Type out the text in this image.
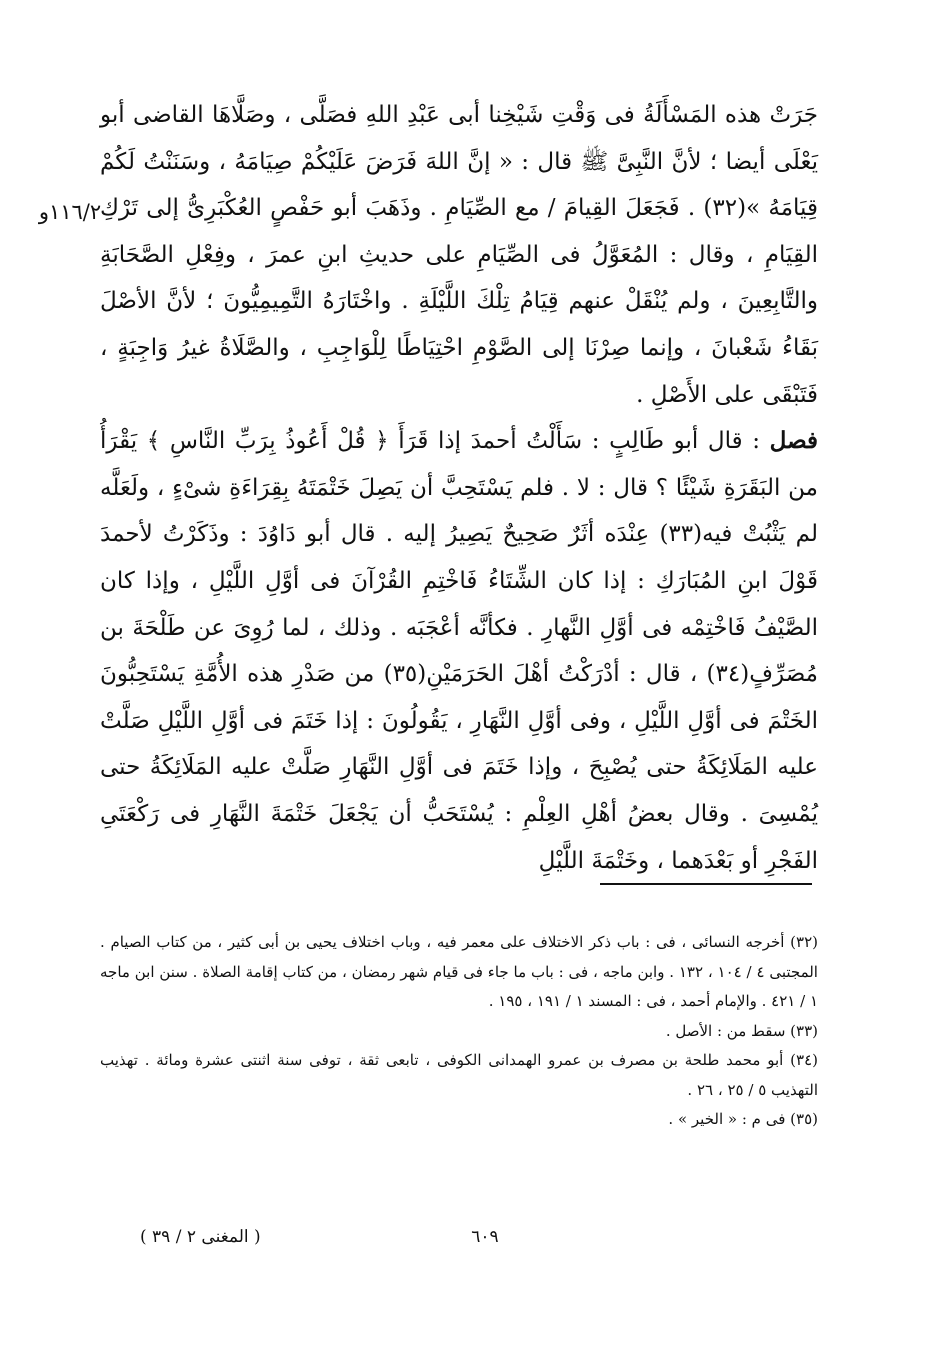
١١٦/٢و

جَرَتْ هذه المَسْأَلَةُ فى وَقْتِ شَيْخِنا أبى عَبْدِ اللهِ فصَلَّى ، وصَلَّاهَا القاضى أبو يَعْلَى أيضا ؛ لأنَّ النَّبِىَّ ﷺ قال : « إنَّ اللهَ فَرَضَ عَلَيْكُمْ صِيَامَهُ ، وسَنَنْتُ لَكُمْ قِيَامَهُ »(٣٢) . فَجَعَلَ القِيامَ / مع الصِّيَامِ . وذَهَبَ أبو حَفْصٍ العُكْبَرِىُّ إلى تَرْكِ القِيَامِ ، وقال : المُعَوَّلُ فى الصِّيَامِ على حديثِ ابنِ عمرَ ، وفِعْلِ الصَّحَابَةِ والتَّابِعِينَ ، ولم يُنْقَلْ عنهم قِيَامُ تِلْكَ اللَّيْلَةِ . واخْتَارَهُ التَّمِيمِيُّونَ ؛ لأنَّ الأصْلَ بَقَاءُ شَعْبانَ ، وإنما صِرْنَا إلى الصَّوْمِ احْتِيَاطًا لِلْوَاجِبِ ، والصَّلَاةُ غيرُ وَاجِبَةٍ ، فَتَبْقَى على الأَصْلِ .

فصل : قال أبو طَالِبٍ : سَأَلْتُ أحمدَ إذا قَرَأَ ﴿ قُلْ أَعُوذُ بِرَبِّ النَّاسِ ﴾ يَقْرَأُ من البَقَرَةِ شَيْئًا ؟ قال : لا . فلم يَسْتَحِبَّ أن يَصِلَ خَتْمَتَهُ بِقِرَاءَةِ شىْءٍ ، ولَعَلَّه لم يَثْبُتْ فيه(٣٣) عِنْدَه أثَرٌ صَحِيحٌ يَصِيرُ إليه . قال أبو دَاوُدَ : وذَكَرْتُ لأحمدَ قَوْلَ ابنِ المُبَارَكِ : إذا كان الشِّتَاءُ فَاخْتِمِ القُرْآنَ فى أوَّلِ اللَّيْلِ ، وإذا كان الصَّيْفُ فَاخْتِمْه فى أوَّلِ النَّهارِ . فكأنَّه أعْجَبَه . وذلك ، لما رُوِىَ عن طَلْحَةَ بن مُصَرِّفٍ(٣٤) ، قال : أدْرَكْتُ أهْلَ الحَرَمَيْنِ(٣٥) من صَدْرِ هذه الأُمَّةِ يَسْتَحِبُّونَ الخَتْمَ فى أوَّلِ اللَّيْلِ ، وفى أوَّلِ النَّهَارِ ، يَقُولُونَ : إذا خَتَمَ فى أوَّلِ اللَّيْلِ صَلَّتْ عليه المَلَائِكَةُ حتى يُصْبِحَ ، وإذا خَتَمَ فى أوَّلِ النَّهَارِ صَلَّتْ عليه المَلَائِكَةُ حتى يُمْسِىَ . وقال بعضُ أهْلِ العِلْمِ : يُسْتَحَبُّ أن يَجْعَلَ خَتْمَةَ النَّهَارِ فى رَكْعَتَىِ الفَجْرِ أو بَعْدَهما ، وخَتْمَةَ اللَّيْلِ

(٣٢) أخرجه النسائى ، فى : باب ذكر الاختلاف على معمر فيه ، وباب اختلاف يحيى بن أبى كثير ، من كتاب الصيام . المجتبى ٤ / ١٠٤ ، ١٣٢ . وابن ماجه ، فى : باب ما جاء فى قيام شهر رمضان ، من كتاب إقامة الصلاة . سنن ابن ماجه ١ / ٤٢١ . والإمام أحمد ، فى : المسند ١ / ١٩١ ، ١٩٥ .

(٣٣) سقط من : الأصل .

(٣٤) أبو محمد طلحة بن مصرف بن عمرو الهمدانى الكوفى ، تابعى ثقة ، توفى سنة اثنتى عشرة ومائة . تهذيب التهذيب ٥ / ٢٥ ، ٢٦ .

(٣٥) فى م : « الخير » .

٦٠٩
( المغنى ٢ / ٣٩ )
